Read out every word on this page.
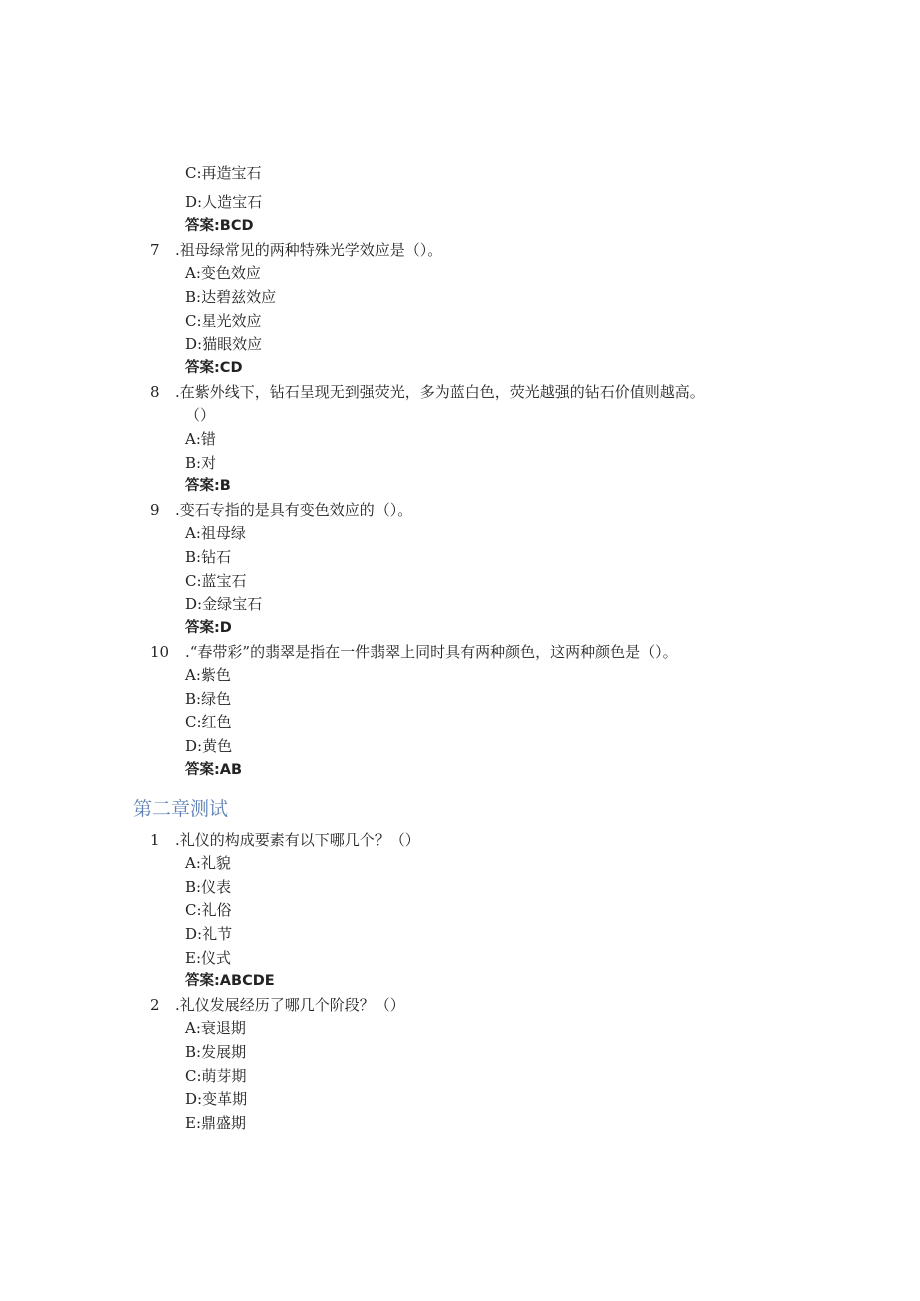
C:再造宝石
D:人造宝石
答案:BCD
7 .祖母绿常见的两种特殊光学效应是（）。
A:变色效应
B:达碧兹效应
C:星光效应
D:猫眼效应
答案:CD
8 .在紫外线下，钻石呈现无到强荧光，多为蓝白色，荧光越强的钻石价值则越高。
（）
A:错
B:对
答案:B
9 .变石专指的是具有变色效应的（）。
A:祖母绿
B:钻石
C:蓝宝石
D:金绿宝石
答案:D
10 .“春带彩”的翡翠是指在一件翡翠上同时具有两种颜色，这两种颜色是（）。
A:紫色
B:绿色
C:红色
D:黄色
答案:AB
第二章测试
1 .礼仪的构成要素有以下哪几个？（）
A:礼貌
B:仪表
C:礼俗
D:礼节
E:仪式
答案:ABCDE
2 .礼仪发展经历了哪几个阶段？（）
A:衰退期
B:发展期
C:萌芽期
D:变革期
E:鼎盛期
